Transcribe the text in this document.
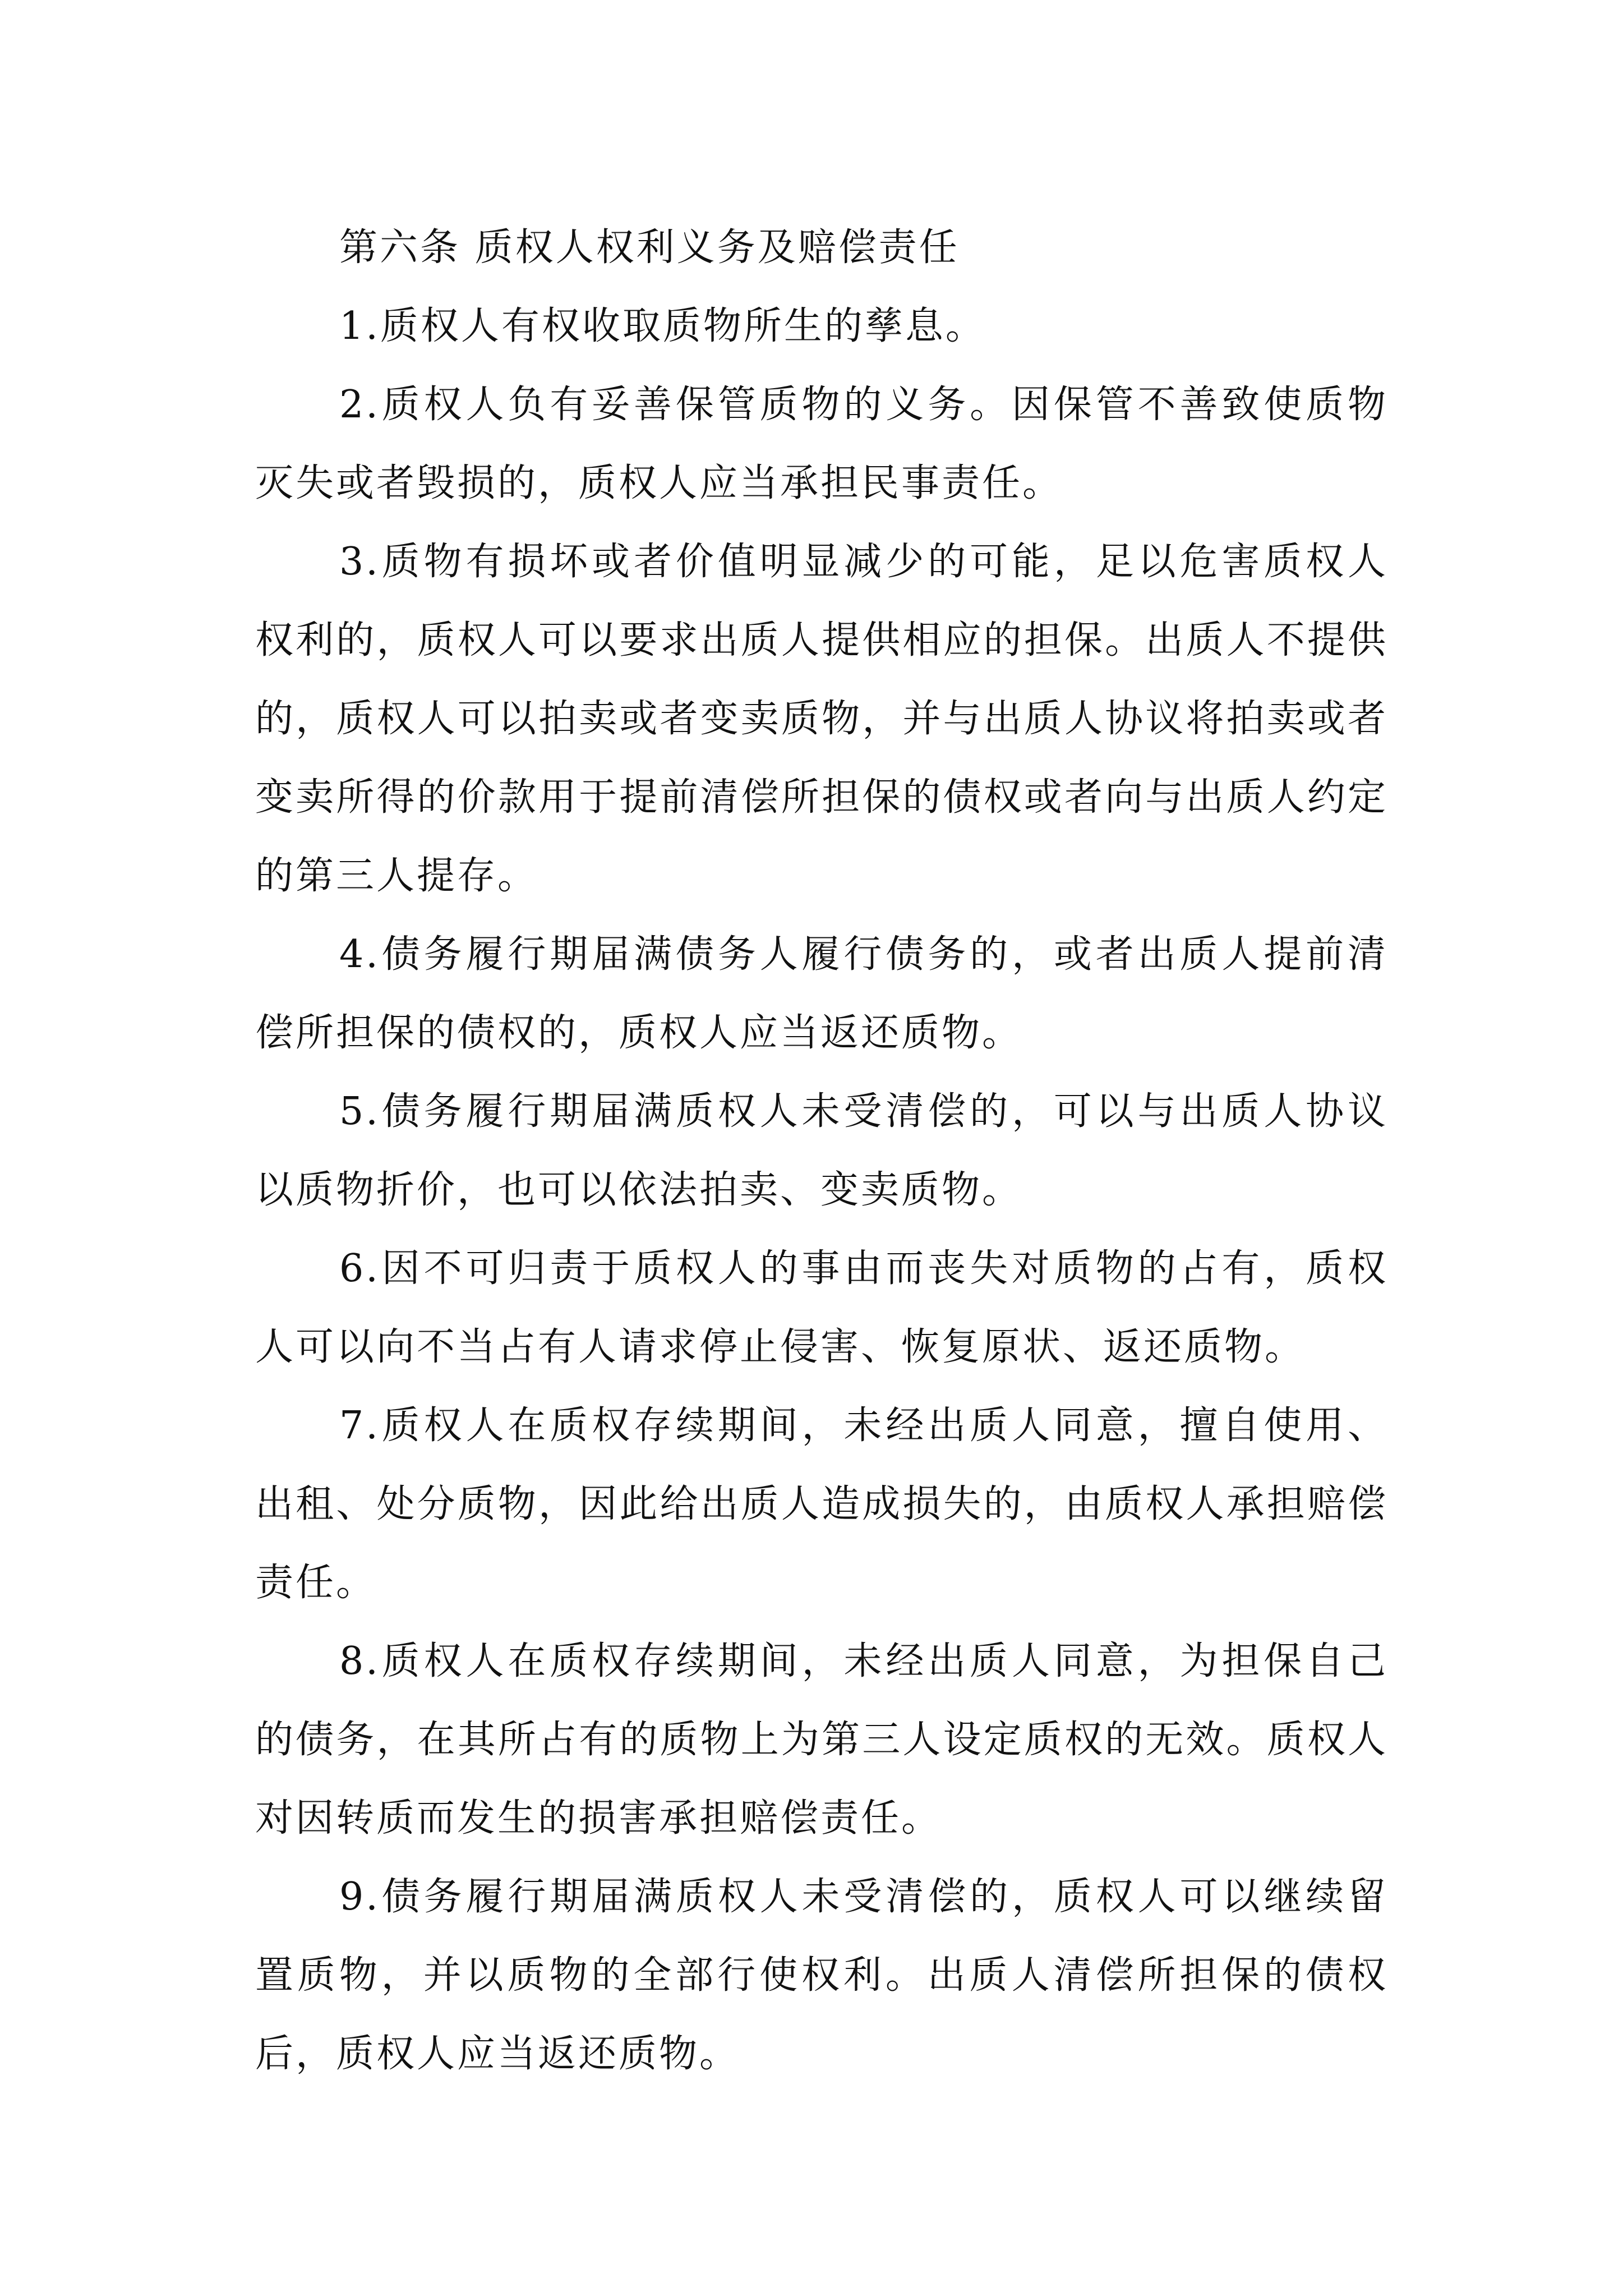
第六条 质权人权利义务及赔偿责任

1.质权人有权收取质物所生的孳息。

2.质权人负有妥善保管质物的义务。因保管不善致使质物灭失或者毁损的，质权人应当承担民事责任。

3.质物有损坏或者价值明显减少的可能，足以危害质权人权利的，质权人可以要求出质人提供相应的担保。出质人不提供的，质权人可以拍卖或者变卖质物，并与出质人协议将拍卖或者变卖所得的价款用于提前清偿所担保的债权或者向与出质人约定的第三人提存。

4.债务履行期届满债务人履行债务的，或者出质人提前清偿所担保的债权的，质权人应当返还质物。

5.债务履行期届满质权人未受清偿的，可以与出质人协议以质物折价，也可以依法拍卖、变卖质物。

6.因不可归责于质权人的事由而丧失对质物的占有，质权人可以向不当占有人请求停止侵害、恢复原状、返还质物。

7.质权人在质权存续期间，未经出质人同意，擅自使用、出租、处分质物，因此给出质人造成损失的，由质权人承担赔偿责任。

8.质权人在质权存续期间，未经出质人同意，为担保自己的债务，在其所占有的质物上为第三人设定质权的无效。质权人对因转质而发生的损害承担赔偿责任。

9.债务履行期届满质权人未受清偿的，质权人可以继续留置质物，并以质物的全部行使权利。出质人清偿所担保的债权后，质权人应当返还质物。
